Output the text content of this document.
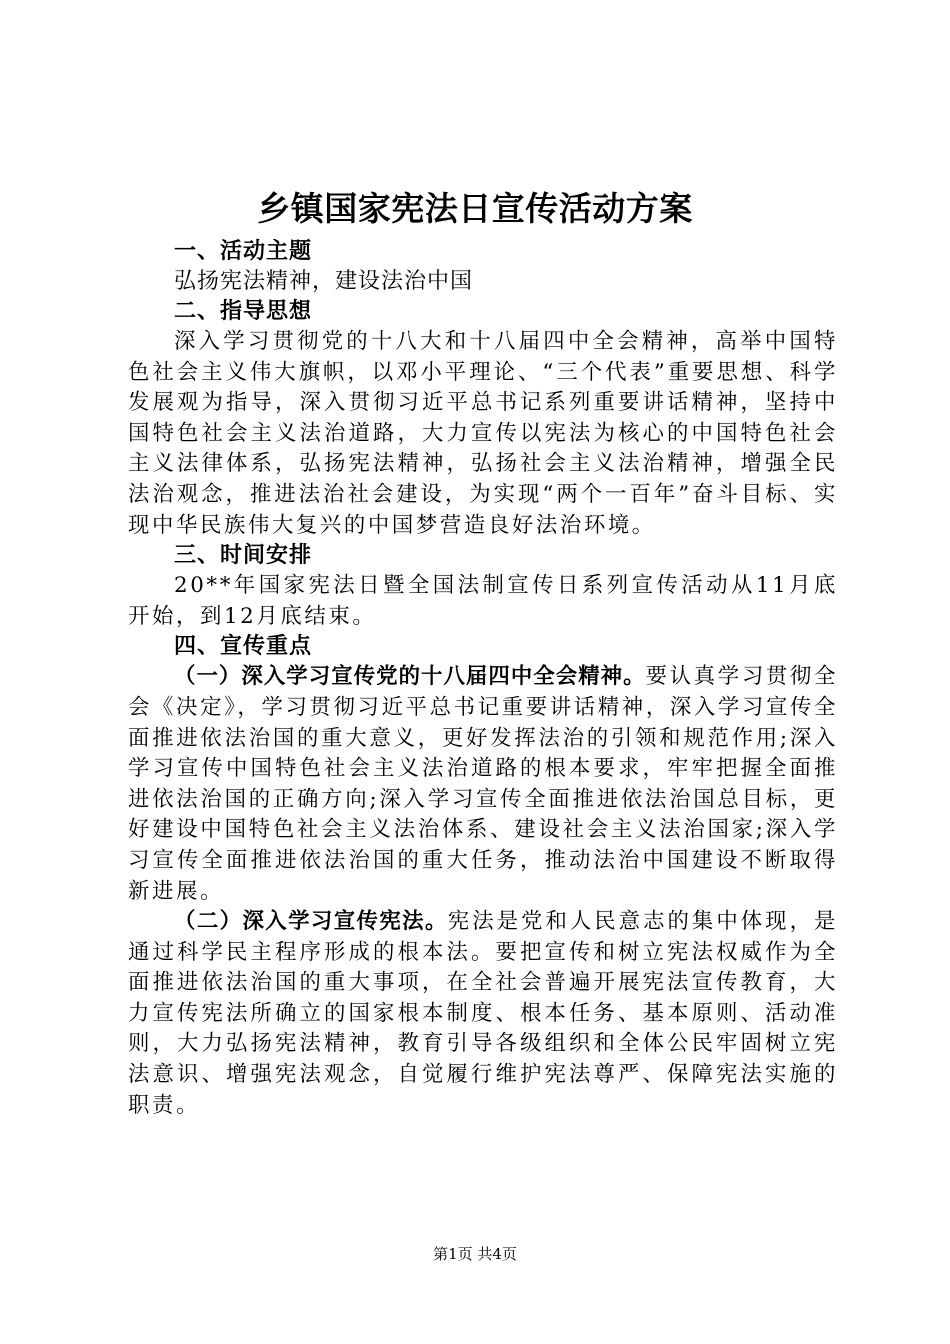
乡镇国家宪法日宣传活动方案
一、活动主题
弘扬宪法精神，建设法治中国
二、指导思想
深入学习贯彻党的十八大和十八届四中全会精神，高举中国特色社会主义伟大旗帜，以邓小平理论、“三个代表”重要思想、科学发展观为指导，深入贯彻习近平总书记系列重要讲话精神，坚持中国特色社会主义法治道路，大力宣传以宪法为核心的中国特色社会主义法律体系，弘扬宪法精神，弘扬社会主义法治精神，增强全民法治观念，推进法治社会建设，为实现“两个一百年”奋斗目标、实现中华民族伟大复兴的中国梦营造良好法治环境。
三、时间安排
20**年国家宪法日暨全国法制宣传日系列宣传活动从11月底开始，到12月底结束。
四、宣传重点
（一）深入学习宣传党的十八届四中全会精神。要认真学习贯彻全会《决定》，学习贯彻习近平总书记重要讲话精神，深入学习宣传全面推进依法治国的重大意义，更好发挥法治的引领和规范作用;深入学习宣传中国特色社会主义法治道路的根本要求，牢牢把握全面推进依法治国的正确方向;深入学习宣传全面推进依法治国总目标，更好建设中国特色社会主义法治体系、建设社会主义法治国家;深入学习宣传全面推进依法治国的重大任务，推动法治中国建设不断取得新进展。
（二）深入学习宣传宪法。宪法是党和人民意志的集中体现，是通过科学民主程序形成的根本法。要把宣传和树立宪法权威作为全面推进依法治国的重大事项，在全社会普遍开展宪法宣传教育，大力宣传宪法所确立的国家根本制度、根本任务、基本原则、活动准则，大力弘扬宪法精神，教育引导各级组织和全体公民牢固树立宪法意识、增强宪法观念，自觉履行维护宪法尊严、保障宪法实施的职责。
第1页 共4页
